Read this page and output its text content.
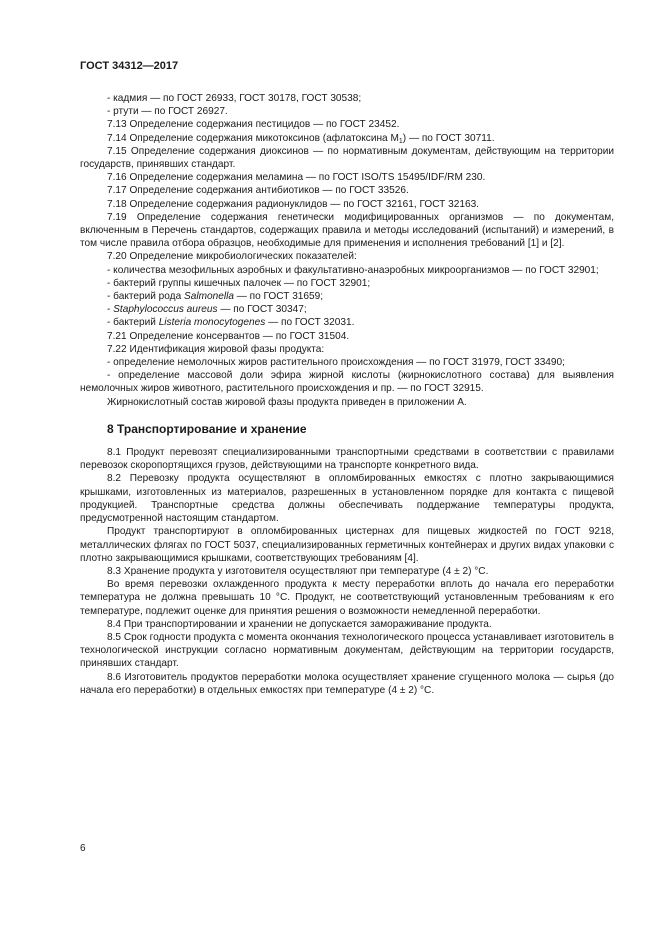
ГОСТ 34312—2017

- кадмия — по ГОСТ 26933, ГОСТ 30178, ГОСТ 30538;

- ртути — по ГОСТ 26927.

7.13 Определение содержания пестицидов — по ГОСТ 23452.

7.14 Определение содержания микотоксинов (афлатоксина $М_1$) — по ГОСТ 30711.

7.15 Определение содержания диоксинов — по нормативным документам, действующим на территории государств, принявших стандарт.

7.16 Определение содержания меламина — по ГОСТ ISO/TS 15495/IDF/RM 230.

7.17 Определение содержания антибиотиков — по ГОСТ 33526.

7.18 Определение содержания радионуклидов — по ГОСТ 32161, ГОСТ 32163.

7.19 Определение содержания генетически модифицированных организмов — по документам, включенным в Перечень стандартов, содержащих правила и методы исследований (испытаний) и измерений, в том числе правила отбора образцов, необходимые для применения и исполнения требований [1] и [2].

7.20 Определение микробиологических показателей:

- количества мезофильных аэробных и факультативно-анаэробных микроорганизмов — по ГОСТ 32901;

- бактерий группы кишечных палочек — по ГОСТ 32901;

- бактерий рода Salmonella — по ГОСТ 31659;

- Staphylococcus aureus — по ГОСТ 30347;

- бактерий Listeria monocytogenes — по ГОСТ 32031.

7.21 Определение консервантов — по ГОСТ 31504.

7.22 Идентификация жировой фазы продукта:

- определение немолочных жиров растительного происхождения — по ГОСТ 31979, ГОСТ 33490;

- определение массовой доли эфира жирной кислоты (жирнокислотного состава) для выявления немолочных жиров животного, растительного происхождения и пр. — по ГОСТ 32915.

Жирнокислотный состав жировой фазы продукта приведен в приложении А.

8 Транспортирование и хранение

8.1 Продукт перевозят специализированными транспортными средствами в соответствии с правилами перевозок скоропортящихся грузов, действующими на транспорте конкретного вида.

8.2 Перевозку продукта осуществляют в опломбированных емкостях с плотно закрывающимися крышками, изготовленных из материалов, разрешенных в установленном порядке для контакта с пищевой продукцией. Транспортные средства должны обеспечивать поддержание температуры продукта, предусмотренной настоящим стандартом.

Продукт транспортируют в опломбированных цистернах для пищевых жидкостей по ГОСТ 9218, металлических флягах по ГОСТ 5037, специализированных герметичных контейнерах и других видах упаковки с плотно закрывающимися крышками, соответствующих требованиям [4].

8.3 Хранение продукта у изготовителя осуществляют при температуре (4 ± 2) °С.

Во время перевозки охлажденного продукта к месту переработки вплоть до начала его переработки температура не должна превышать 10 °С. Продукт, не соответствующий установленным требованиям к его температуре, подлежит оценке для принятия решения о возможности немедленной переработки.

8.4 При транспортировании и хранении не допускается замораживание продукта.

8.5 Срок годности продукта с момента окончания технологического процесса устанавливает изготовитель в технологической инструкции согласно нормативным документам, действующим на территории государств, принявших стандарт.

8.6 Изготовитель продуктов переработки молока осуществляет хранение сгущенного молока — сырья (до начала его переработки) в отдельных емкостях при температуре (4 ± 2) °С.

6
